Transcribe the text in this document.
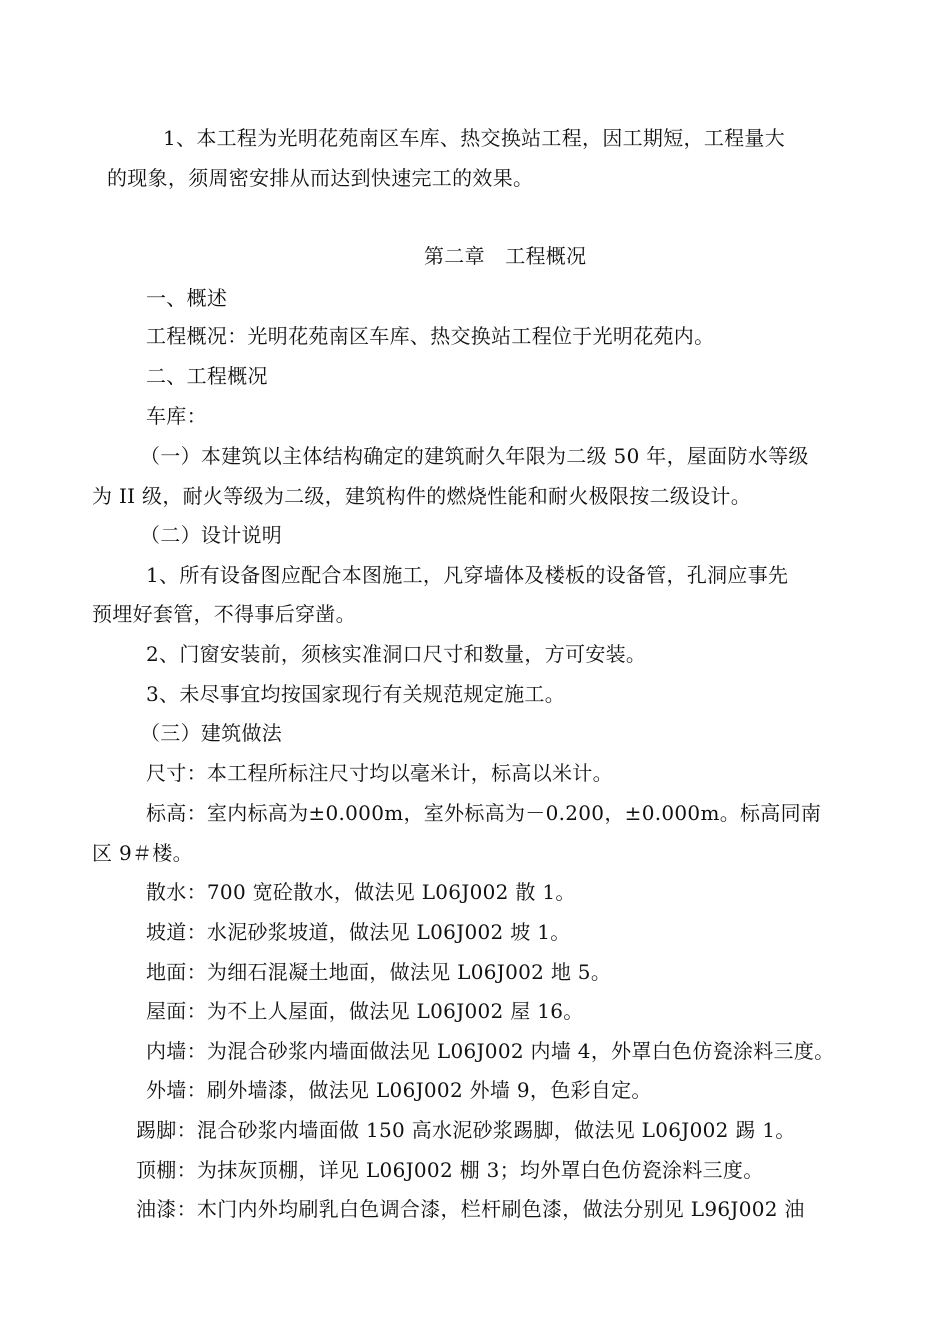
1、本工程为光明花苑南区车库、热交换站工程，因工期短，工程量大
的现象，须周密安排从而达到快速完工的效果。
第二章　工程概况
一、概述
工程概况：光明花苑南区车库、热交换站工程位于光明花苑内。
二、工程概况
车库：
（一）本建筑以主体结构确定的建筑耐久年限为二级 50 年，屋面防水等级
为 II 级，耐火等级为二级，建筑构件的燃烧性能和耐火极限按二级设计。
（二）设计说明
1、所有设备图应配合本图施工，凡穿墙体及楼板的设备管，孔洞应事先
预埋好套管，不得事后穿凿。
2、门窗安装前，须核实准洞口尺寸和数量，方可安装。
3、未尽事宜均按国家现行有关规范规定施工。
（三）建筑做法
尺寸：本工程所标注尺寸均以毫米计，标高以米计。
标高：室内标高为±0.000m，室外标高为－0.200，±0.000m。标高同南
区 9＃楼。
散水：700 宽砼散水，做法见 L06J002 散 1。
坡道：水泥砂浆坡道，做法见 L06J002 坡 1。
地面：为细石混凝土地面，做法见 L06J002 地 5。
屋面：为不上人屋面，做法见 L06J002 屋 16。
内墙：为混合砂浆内墙面做法见 L06J002 内墙 4，外罩白色仿瓷涂料三度。
外墙：刷外墙漆，做法见 L06J002 外墙 9，色彩自定。
踢脚：混合砂浆内墙面做 150 高水泥砂浆踢脚，做法见 L06J002 踢 1。
顶棚：为抹灰顶棚，详见 L06J002 棚 3；均外罩白色仿瓷涂料三度。
油漆：木门内外均刷乳白色调合漆，栏杆刷色漆，做法分别见 L96J002 油
